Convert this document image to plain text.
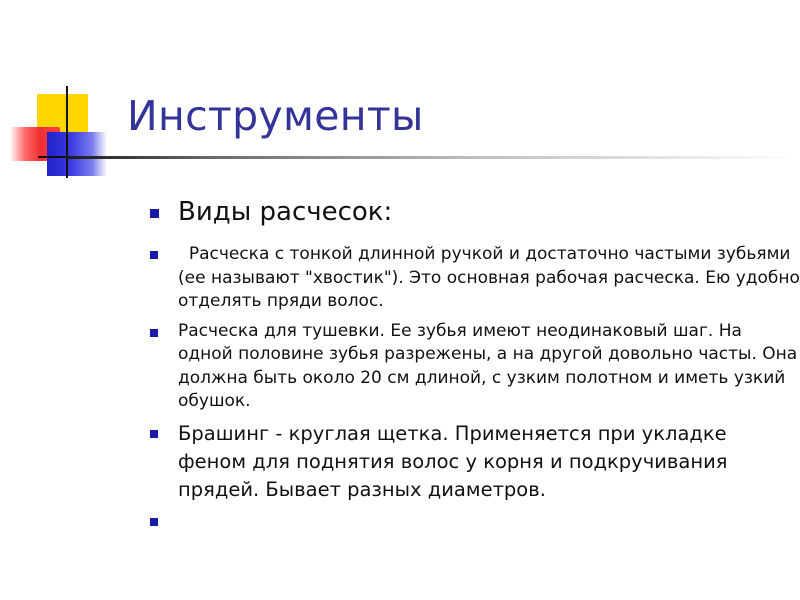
Инструменты
Виды расчесок:
Расческа с тонкой длинной ручкой и достаточно частыми зубьями (ее называют "хвостик"). Это основная рабочая расческа. Ею удобно отделять пряди волос.
Расческа для тушевки. Ее зубья имеют неодинаковый шаг. На одной половине зубья разрежены, а на другой довольно часты. Она должна быть около 20 см длиной, с узким полотном и иметь узкий обушок.
Брашинг - круглая щетка. Применяется при укладке феном для поднятия волос у корня и подкручивания прядей. Бывает разных диаметров.
